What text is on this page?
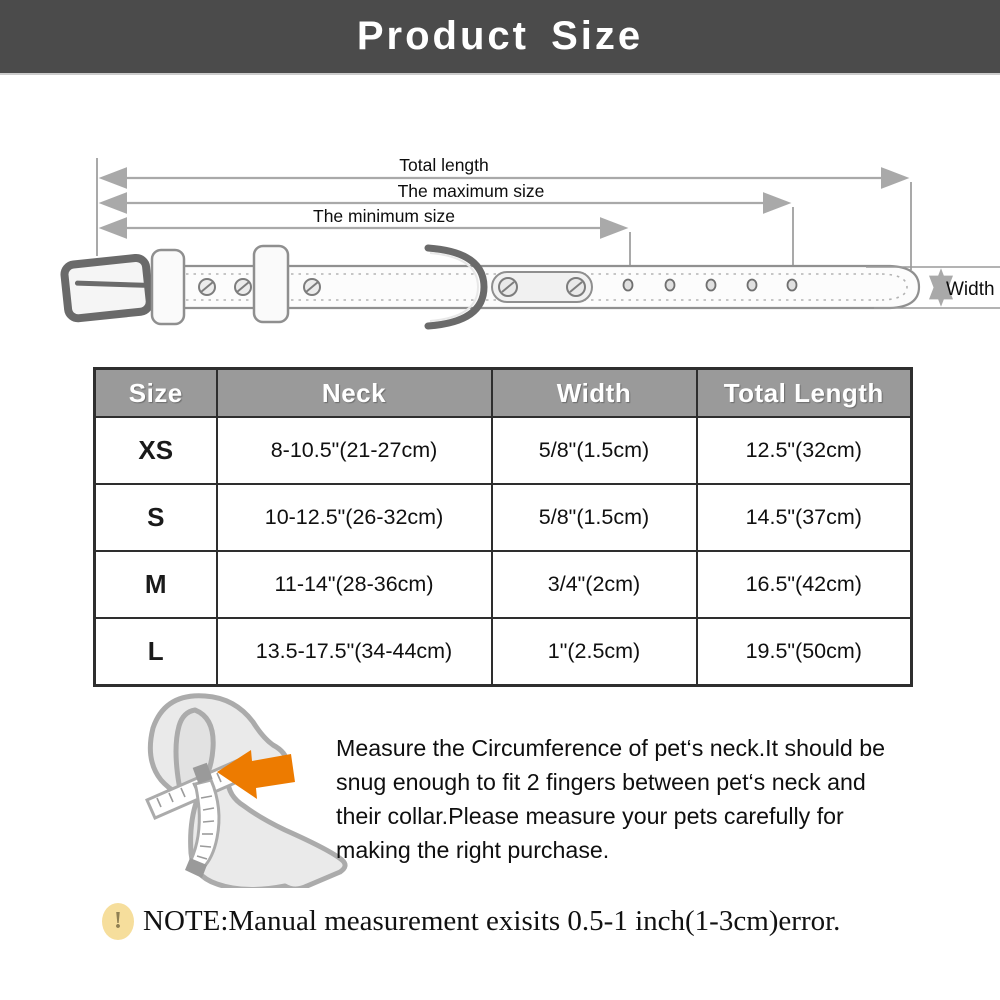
Product Size
Total length
The maximum size
The minimum size
Width
Size	Neck	Width	Total Length
XS	8-10.5"(21-27cm)	5/8"(1.5cm)	12.5"(32cm)
S	10-12.5"(26-32cm)	5/8"(1.5cm)	14.5"(37cm)
M	11-14"(28-36cm)	3/4"(2cm)	16.5"(42cm)
L	13.5-17.5"(34-44cm)	1"(2.5cm)	19.5"(50cm)
Measure the Circumference of pet‘s neck.It should be snug enough to fit 2 fingers between pet‘s neck and their collar.Please measure your pets carefully for making the right purchase.
! NOTE:Manual measurement exisits 0.5-1 inch(1-3cm)error.
